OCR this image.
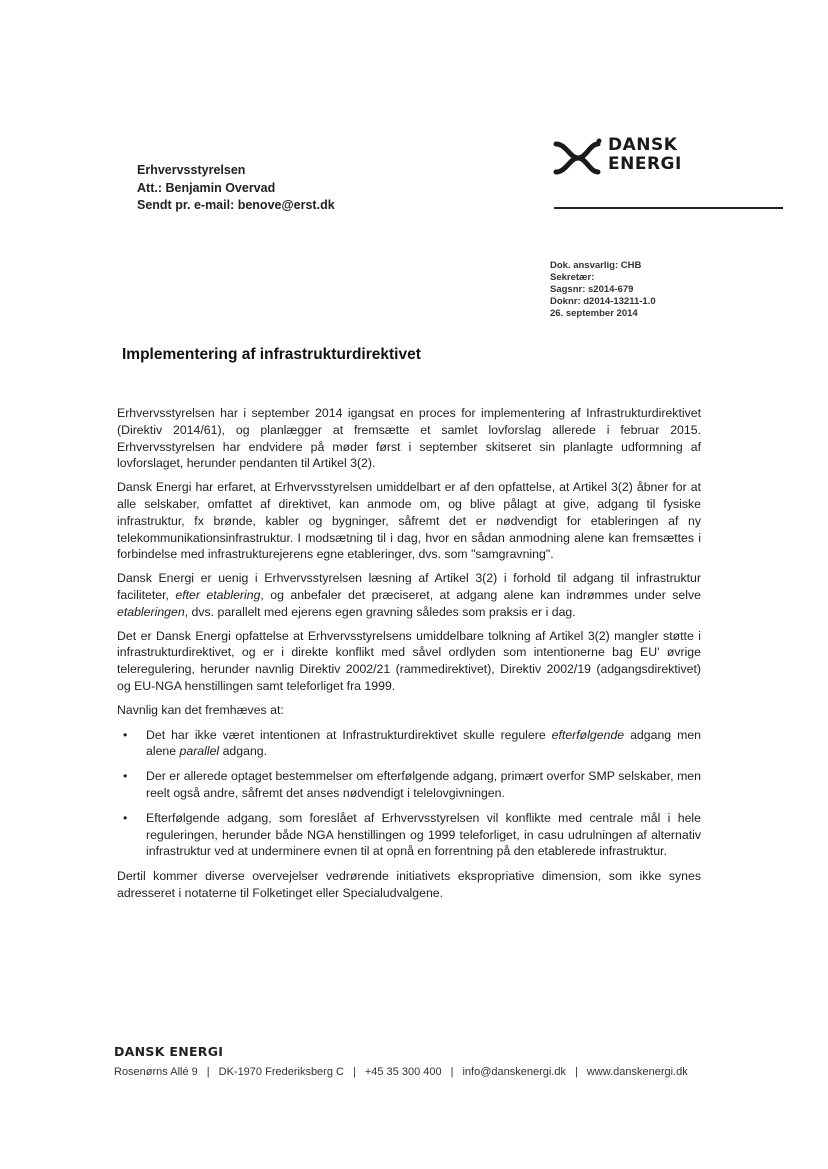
Erhvervsstyrelsen
Att.: Benjamin Overvad
Sendt pr. e-mail: benove@erst.dk
DANSK
ENERGI
Dok. ansvarlig: CHB
Sekretær:
Sagsnr: s2014-679
Doknr: d2014-13211-1.0
26. september 2014
Implementering af infrastrukturdirektivet

Erhvervsstyrelsen har i september 2014 igangsat en proces for implementering af Infrastrukturdirektivet (Direktiv 2014/61), og planlægger at fremsætte et samlet lovforslag allerede i februar 2015. Erhvervsstyrelsen har endvidere på møder først i september skitseret sin planlagte udformning af lovforslaget, herunder pendanten til Artikel 3(2).

Dansk Energi har erfaret, at Erhvervsstyrelsen umiddelbart er af den opfattelse, at Artikel 3(2) åbner for at alle selskaber, omfattet af direktivet, kan anmode om, og blive pålagt at give, adgang til fysiske infrastruktur, fx brønde, kabler og bygninger, såfremt det er nødvendigt for etableringen af ny telekommunikationsinfrastruktur. I modsætning til i dag, hvor en sådan anmodning alene kan fremsættes i forbindelse med infrastrukturejerens egne etableringer, dvs. som "samgravning".

Dansk Energi er uenig i Erhvervsstyrelsen læsning af Artikel 3(2) i forhold til adgang til infrastruktur faciliteter, efter etablering, og anbefaler det præciseret, at adgang alene kan indrømmes under selve etableringen, dvs. parallelt med ejerens egen gravning således som praksis er i dag.

Det er Dansk Energi opfattelse at Erhvervsstyrelsens umiddelbare tolkning af Artikel 3(2) mangler støtte i infrastrukturdirektivet, og er i direkte konflikt med såvel ordlyden som intentionerne bag EU' øvrige teleregulering, herunder navnlig Direktiv 2002/21 (rammedirektivet), Direktiv 2002/19 (adgangsdirektivet) og EU-NGA henstillingen samt teleforliget fra 1999.

Navnlig kan det fremhæves at:

• Det har ikke været intentionen at Infrastrukturdirektivet skulle regulere efterfølgende adgang men alene parallel adgang.
• Der er allerede optaget bestemmelser om efterfølgende adgang, primært overfor SMP selskaber, men reelt også andre, såfremt det anses nødvendigt i telelovgivningen.
• Efterfølgende adgang, som foreslået af Erhvervsstyrelsen vil konflikte med centrale mål i hele reguleringen, herunder både NGA henstillingen og 1999 teleforliget, in casu udrulningen af alternativ infrastruktur ved at underminere evnen til at opnå en forrentning på den etablerede infrastruktur.

Dertil kommer diverse overvejelser vedrørende initiativets ekspropriative dimension, som ikke synes adresseret i notaterne til Folketinget eller Specialudvalgene.

DANSK ENERGI
Rosenørns Allé 9 | DK-1970 Frederiksberg C | +45 35 300 400 | info@danskenergi.dk | www.danskenergi.dk
